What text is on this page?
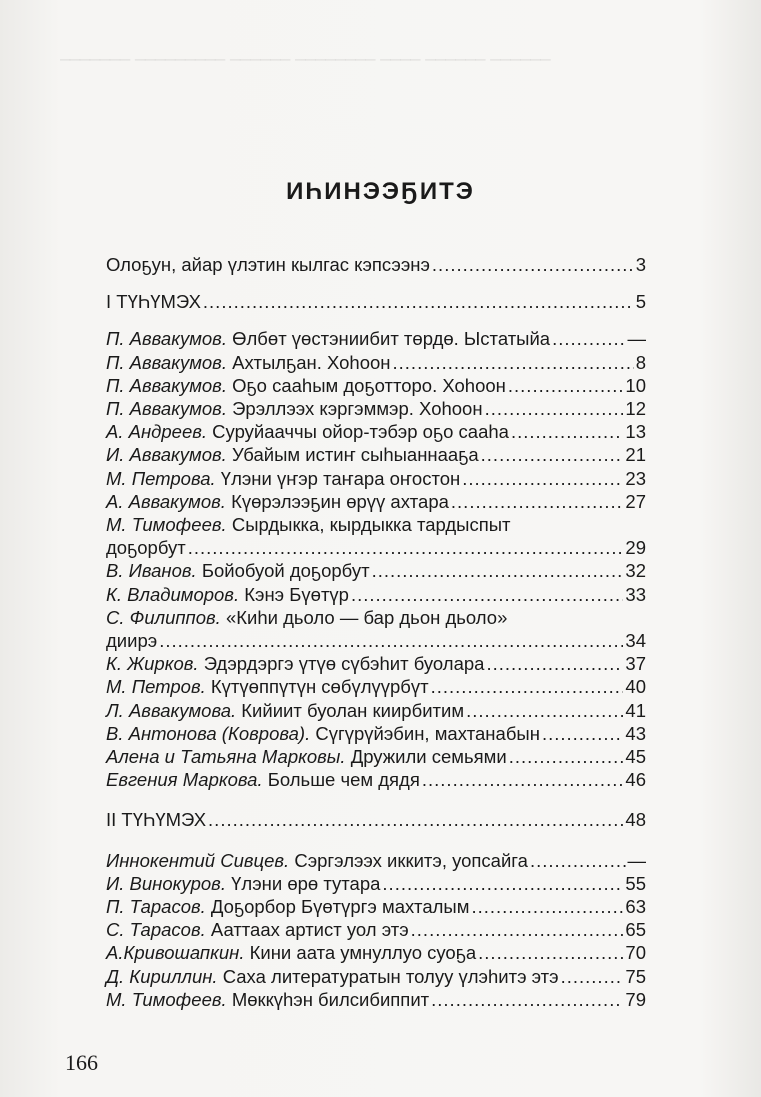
_______ _________ ______ ________ ____ ______ ______
ИҺИНЭЭҔИТЭ
Олоҕун, айар үлэтин кылгас кэпсээнэ .....	3
I ТҮҺҮМЭХ .....	5
П. Аввакумов. Өлбөт үөстэниибит төрдө. Ыстатыйа .....	—
П. Аввакумов. Ахтылҕан. Хоһоон .....	8
П. Аввакумов. Оҕо сааһым доҕотторо. Хоһоон .....	10
П. Аввакумов. Эрэллээх кэргэммэр. Хоһоон .....	12
А. Андреев. Суруйааччы ойор-тэбэр оҕо сааһа .....	13
И. Аввакумов. Убайым истиҥ сыһыаннааҕа .....	21
М. Петрова. Үлэни үҥэр таҥара оҥостон .....	23
А. Аввакумов. Күөрэлээҕин өрүү ахтара .....	27
М. Тимофеев. Сырдыкка, кырдыкка тардыспыт
доҕорбут .....	29
В. Иванов. Бойобуой доҕорбут .....	32
К. Владиморов. Кэнэ Бүөтүр .....	33
С. Филиппов. «Киһи дьоло — бар дьон дьоло»
диирэ .....	34
К. Жирков. Эдэрдэргэ үтүө сүбэһит буолара .....	37
М. Петров. Күтүөппүтүн сөбүлүүрбүт .....	40
Л. Аввакумова. Кийиит буолан киирбитим .....	41
В. Антонова (Коврова). Сүгүрүйэбин, махтанабын .....	43
Алена и Татьяна Марковы. Дружили семьями .....	45
Евгения Маркова. Больше чем дядя .....	46
II ТҮҺҮМЭХ .....	48
Иннокентий Сивцев. Сэргэлээх иккитэ, уопсайга .....	—
И. Винокуров. Үлэни өрө тутара .....	55
П. Тарасов. Доҕорбор Бүөтүргэ махталым .....	63
С. Тарасов. Ааттаах артист уол этэ .....	65
А.Кривошапкин. Кини аата умнуллуо суоҕа .....	70
Д. Кириллин. Саха литературатын толуу үлэһитэ этэ .....	75
М. Тимофеев. Мөккүһэн билсибиппит .....	79
166
